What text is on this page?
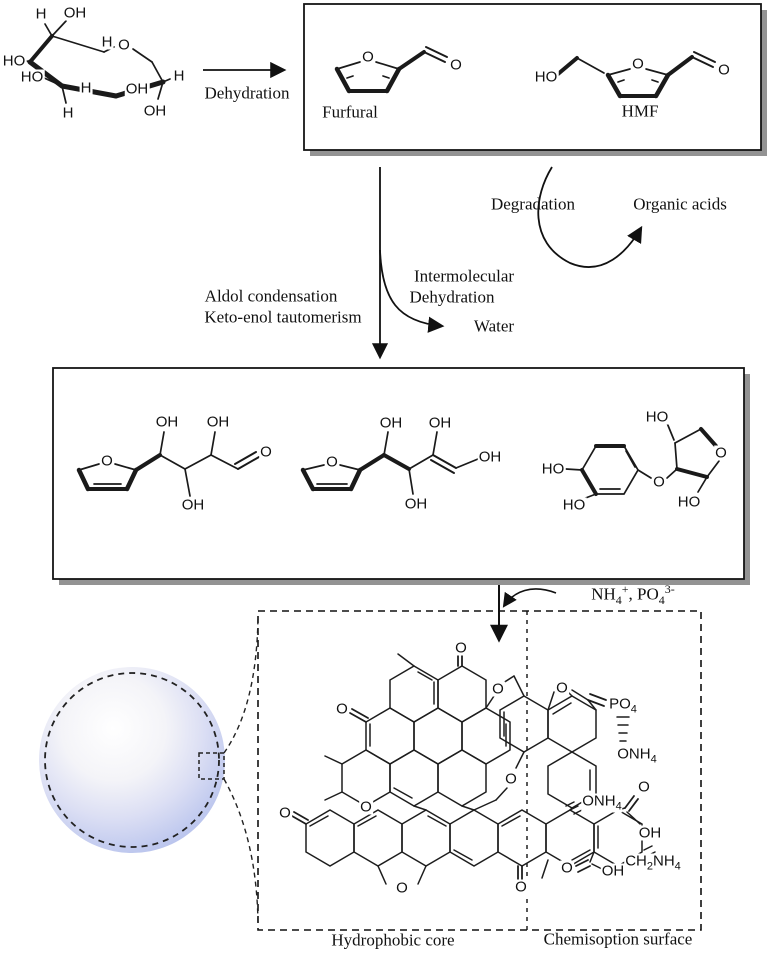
H OH
HO
HO
H O
H
OH
OH
H
H
O	O
Furfural
HO
O	O
HMF
Dehydration
Degradation	Organic acids
Intermolecular
Dehydration
Aldol condensation
Keto-enol tautomerism	Water
O
OH OH
OH
O
O
OH OH
OH
OH
HO
HO
O
HO
O
HO
$NH_4^+$, $PO_4^{3-}$
O
O
O
O	O
$PO_4$
$ONH_4$
O
O
$ONH_4$
OH
$CH_2NH_4$
O OH
O
O	O
Hydrophobic core	Chemisoption surface
